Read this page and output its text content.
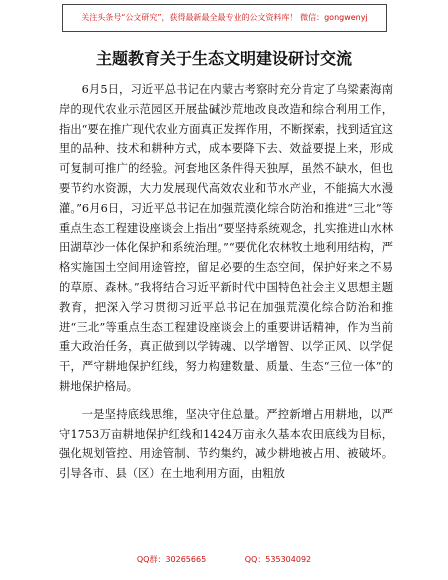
关注头条号“公文研究”，获得最新最全最专业的公文资料库！ 微信：gongwenyj
主题教育关于生态文明建设研讨交流

6月5日，习近平总书记在内蒙古考察时充分肯定了乌梁素海南岸的现代农业示范园区开展盐碱沙荒地改良改造和综合利用工作，指出“要在推广现代农业方面真正发挥作用，不断探索，找到适宜这里的品种、技术和耕种方式，成本要降下去、效益要提上来，形成可复制可推广的经验。河套地区条件得天独厚，虽然不缺水，但也要节约水资源，大力发展现代高效农业和节水产业，不能搞大水漫灌。”6月6日，习近平总书记在加强荒漠化综合防治和推进“三北”等重点生态工程建设座谈会上指出“要坚持系统观念，扎实推进山水林田湖草沙一体化保护和系统治理。”“要优化农林牧土地利用结构，严格实施国土空间用途管控，留足必要的生态空间，保护好来之不易的草原、森林。”我将结合习近平新时代中国特色社会主义思想主题教育，把深入学习贯彻习近平总书记在加强荒漠化综合防治和推进“三北”等重点生态工程建设座谈会上的重要讲话精神，作为当前重大政治任务，真正做到以学铸魂、以学增智、以学正风、以学促干，严守耕地保护红线，努力构建数量、质量、生态“三位一体”的耕地保护格局。

一是坚持底线思维，坚决守住总量。严控新增占用耕地，以严守1753万亩耕地保护红线和1424万亩永久基本农田底线为目标，强化规划管控、用途管制、节约集约，减少耕地被占用、被破坏。引导各市、县（区）在土地利用方面，由粗放

QQ群：30265665	QQ：535304092
